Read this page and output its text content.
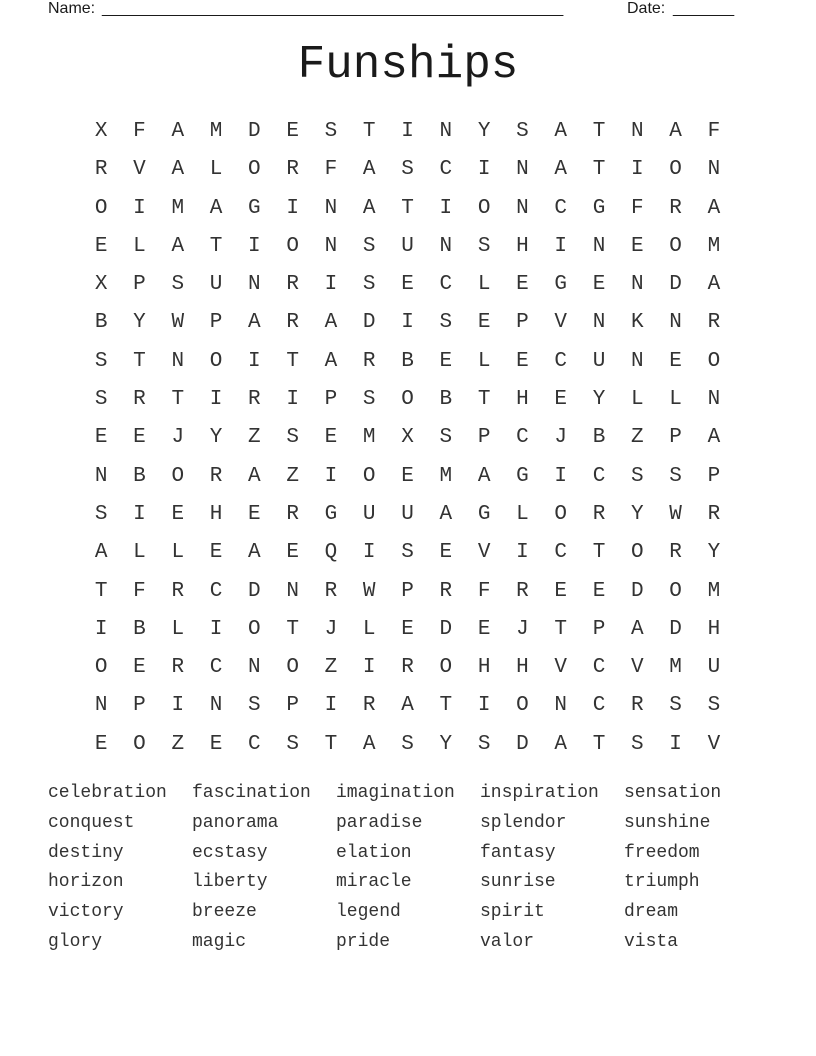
Name: _____________________________________________________	Date: _______
Funships
X	F	A	M	D	E	S	T	I	N	Y	S	A	T	N	A	F
R	V	A	L	O	R	F	A	S	C	I	N	A	T	I	O	N
O	I	M	A	G	I	N	A	T	I	O	N	C	G	F	R	A
E	L	A	T	I	O	N	S	U	N	S	H	I	N	E	O	M
X	P	S	U	N	R	I	S	E	C	L	E	G	E	N	D	A
B	Y	W	P	A	R	A	D	I	S	E	P	V	N	K	N	R
S	T	N	O	I	T	A	R	B	E	L	E	C	U	N	E	O
S	R	T	I	R	I	P	S	O	B	T	H	E	Y	L	L	N
E	E	J	Y	Z	S	E	M	X	S	P	C	J	B	Z	P	A
N	B	O	R	A	Z	I	O	E	M	A	G	I	C	S	S	P
S	I	E	H	E	R	G	U	U	A	G	L	O	R	Y	W	R
A	L	L	E	A	E	Q	I	S	E	V	I	C	T	O	R	Y
T	F	R	C	D	N	R	W	P	R	F	R	E	E	D	O	M
I	B	L	I	O	T	J	L	E	D	E	J	T	P	A	D	H
O	E	R	C	N	O	Z	I	R	O	H	H	V	C	V	M	U
N	P	I	N	S	P	I	R	A	T	I	O	N	C	R	S	S
E	O	Z	E	C	S	T	A	S	Y	S	D	A	T	S	I	V
celebration	fascination	imagination	inspiration	sensation
conquest	panorama	paradise	splendor	sunshine
destiny	ecstasy	elation	fantasy	freedom
horizon	liberty	miracle	sunrise	triumph
victory	breeze	legend	spirit	dream
glory	magic	pride	valor	vista
